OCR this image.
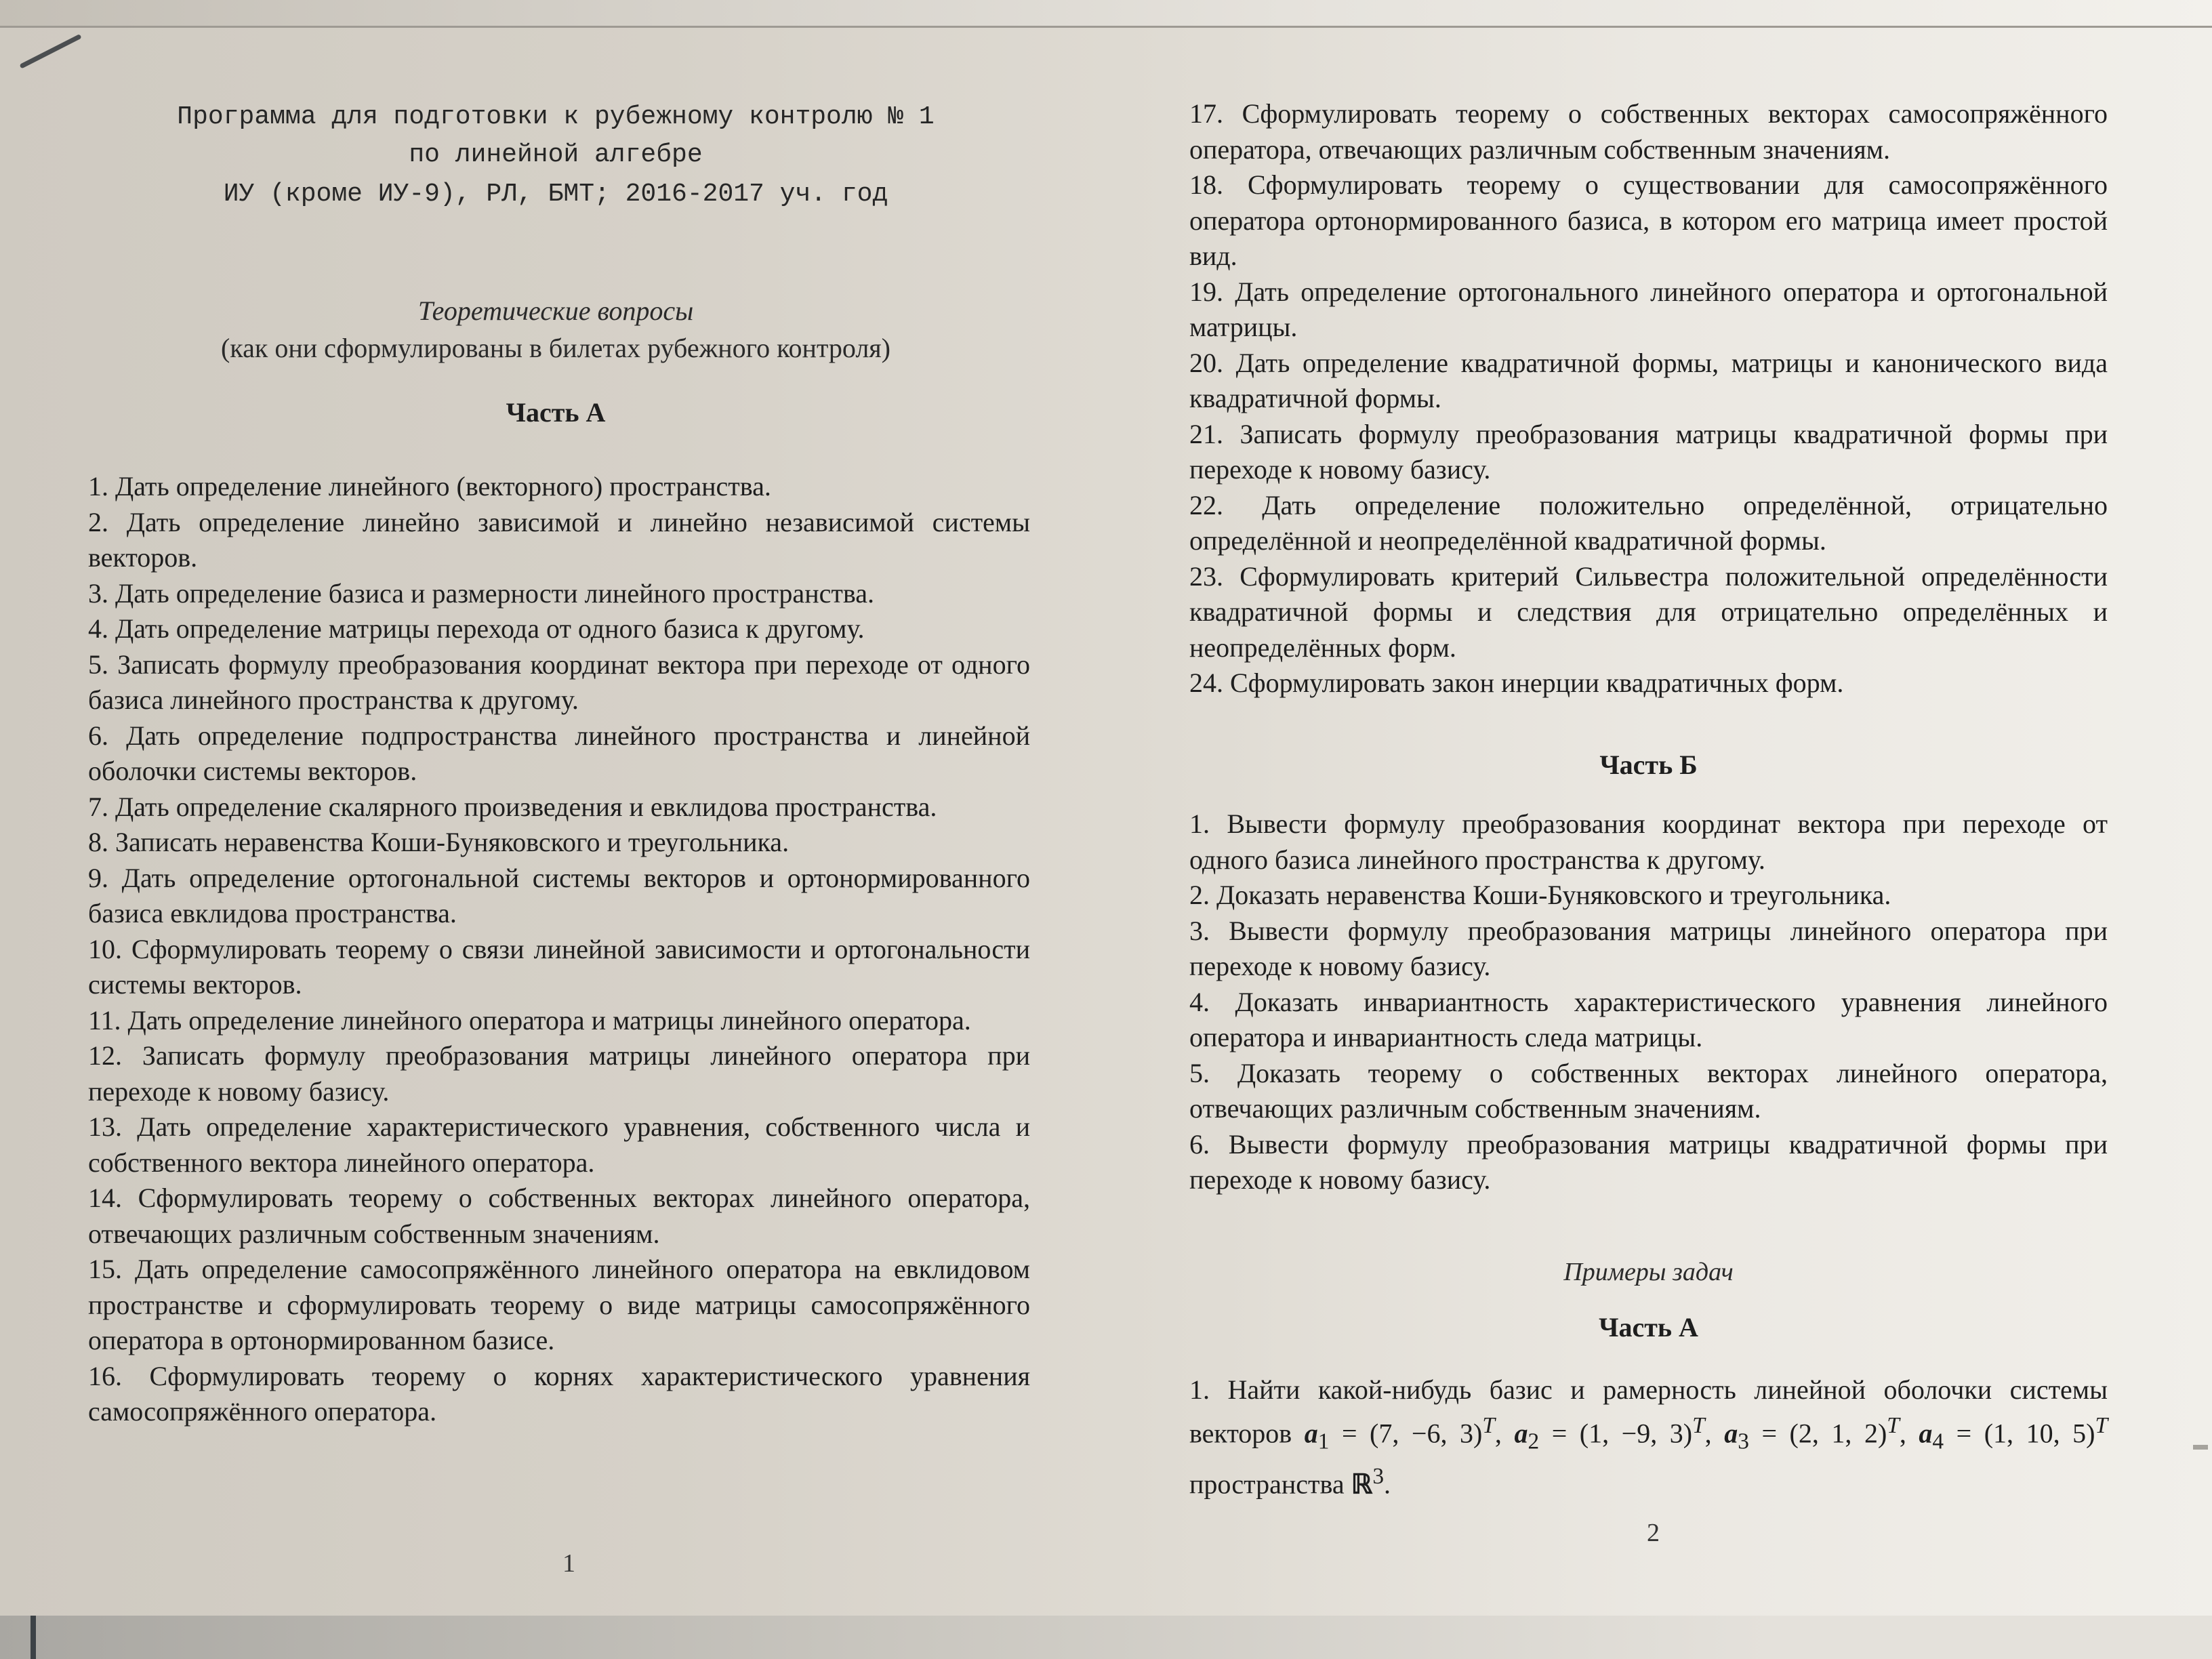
Программа для подготовки к рубежному контролю № 1
по линейной алгебре
ИУ (кроме ИУ-9), РЛ, БМТ; 2016-2017 уч. год
Теоретические вопросы
(как они сформулированы в билетах рубежного контроля)
Часть А

1. Дать определение линейного (векторного) пространства.

2. Дать определение линейно зависимой и линейно независимой системы векторов.

3. Дать определение базиса и размерности линейного пространства.

4. Дать определение матрицы перехода от одного базиса к другому.

5. Записать формулу преобразования координат вектора при переходе от одного базиса линейного пространства к другому.

6. Дать определение подпространства линейного пространства и линейной оболочки системы векторов.

7. Дать определение скалярного произведения и евклидова пространства.

8. Записать неравенства Коши-Буняковского и треугольника.

9. Дать определение ортогональной системы векторов и ортонормированного базиса евклидова пространства.

10. Сформулировать теорему о связи линейной зависимости и ортогональности системы векторов.

11. Дать определение линейного оператора и матрицы линейного оператора.

12. Записать формулу преобразования матрицы линейного оператора при переходе к новому базису.

13. Дать определение характеристического уравнения, собственного числа и собственного вектора линейного оператора.

14. Сформулировать теорему о собственных векторах линейного оператора, отвечающих различным собственным значениям.

15. Дать определение самосопряжённого линейного оператора на евклидовом пространстве и сформулировать теорему о виде матрицы самосопряжённого оператора в ортонормированном базисе.

16. Сформулировать теорему о корнях характеристического уравнения самосопряжённого оператора.

1

17. Сформулировать теорему о собственных векторах самосопряжённого оператора, отвечающих различным собственным значениям.

18. Сформулировать теорему о существовании для самосопряжённого оператора ортонормированного базиса, в котором его матрица имеет простой вид.

19. Дать определение ортогонального линейного оператора и ортогональной матрицы.

20. Дать определение квадратичной формы, матрицы и канонического вида квадратичной формы.

21. Записать формулу преобразования матрицы квадратичной формы при переходе к новому базису.

22. Дать определение положительно определённой, отрицательно определённой и неопределённой квадратичной формы.

23. Сформулировать критерий Сильвестра положительной определённости квадратичной формы и следствия для отрицательно определённых и неопределённых форм.

24. Сформулировать закон инерции квадратичных форм.

Часть Б

1. Вывести формулу преобразования координат вектора при переходе от одного базиса линейного пространства к другому.

2. Доказать неравенства Коши-Буняковского и треугольника.

3. Вывести формулу преобразования матрицы линейного оператора при переходе к новому базису.

4. Доказать инвариантность характеристического уравнения линейного оператора и инвариантность следа матрицы.

5. Доказать теорему о собственных векторах линейного оператора, отвечающих различным собственным значениям.

6. Вывести формулу преобразования матрицы квадратичной формы при переходе к новому базису.

Примеры задач
Часть А

1. Найти какой-нибудь базис и рамерность линейной оболочки системы векторов $a_1 = (7$, −6, 3)$^T$, $a_2 = (1$, −9, 3)$^T$, $a_3 = (2$, 1, 2)$^T$, $a_4 = (1$, 10, 5)$^T$ пространства ℝ$^3$.

2
